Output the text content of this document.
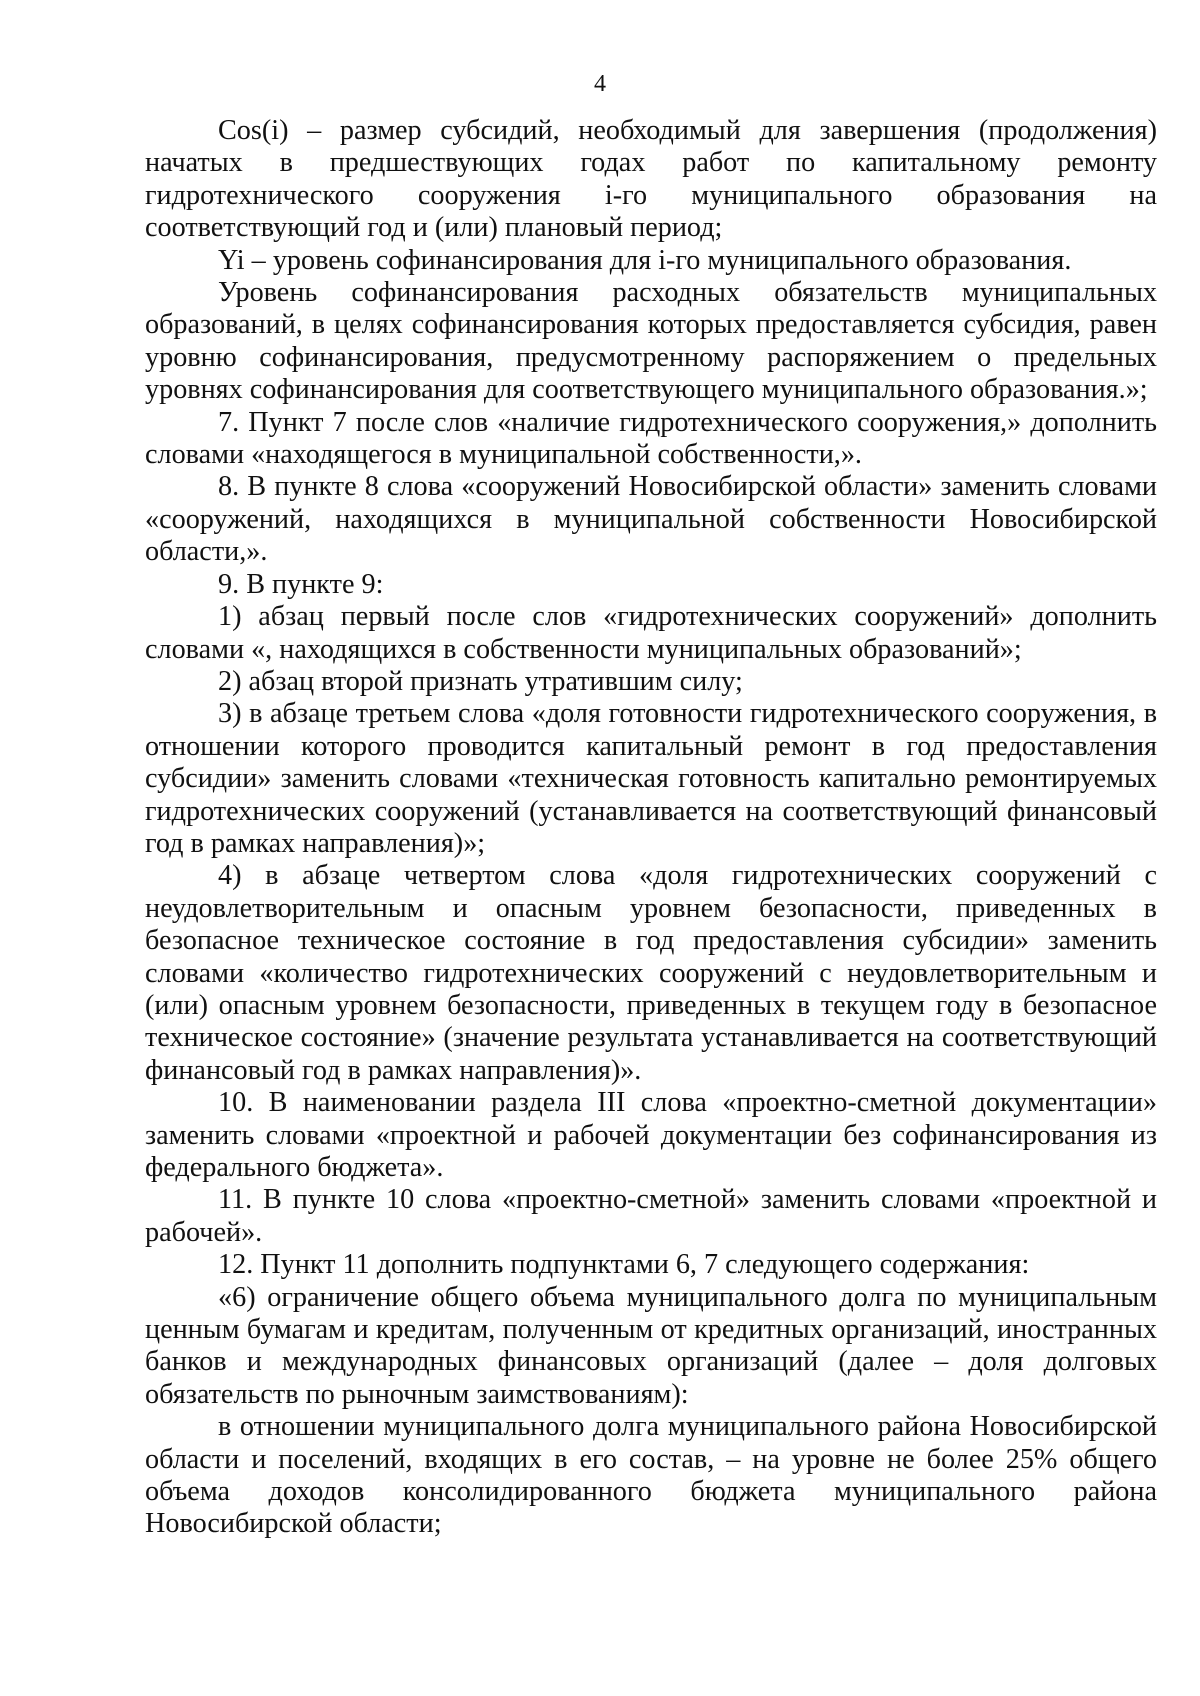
4

Cos(i) – размер субсидий, необходимый для завершения (продолжения) начатых в предшествующих годах работ по капитальному ремонту гидротехнического сооружения i-го муниципального образования на соответствующий год и (или) плановый период;

Yi – уровень софинансирования для i-го муниципального образования.

Уровень софинансирования расходных обязательств муниципальных образований, в целях софинансирования которых предоставляется субсидия, равен уровню софинансирования, предусмотренному распоряжением о предельных уровнях софинансирования для соответствующего муниципального образования.»;

7. Пункт 7 после слов «наличие гидротехнического сооружения,» дополнить словами «находящегося в муниципальной собственности,».

8. В пункте 8 слова «сооружений Новосибирской области» заменить словами «сооружений, находящихся в муниципальной собственности Новосибирской области,».

9. В пункте 9:

1) абзац первый после слов «гидротехнических сооружений» дополнить словами «, находящихся в собственности муниципальных образований»;

2) абзац второй признать утратившим силу;

3) в абзаце третьем слова «доля готовности гидротехнического сооружения, в отношении которого проводится капитальный ремонт в год предоставления субсидии» заменить словами «техническая готовность капитально ремонтируемых гидротехнических сооружений (устанавливается на соответствующий финансовый год в рамках направления)»;

4) в абзаце четвертом слова «доля гидротехнических сооружений с неудовлетворительным и опасным уровнем безопасности, приведенных в безопасное техническое состояние в год предоставления субсидии» заменить словами «количество гидротехнических сооружений с неудовлетворительным и (или) опасным уровнем безопасности, приведенных в текущем году в безопасное техническое состояние» (значение результата устанавливается на соответствующий финансовый год в рамках направления)».

10. В наименовании раздела III слова «проектно-сметной документации» заменить словами «проектной и рабочей документации без софинансирования из федерального бюджета».

11. В пункте 10 слова «проектно-сметной» заменить словами «проектной и рабочей».

12. Пункт 11 дополнить подпунктами 6, 7 следующего содержания:

«6) ограничение общего объема муниципального долга по муниципальным ценным бумагам и кредитам, полученным от кредитных организаций, иностранных банков и международных финансовых организаций (далее – доля долговых обязательств по рыночным заимствованиям):

в отношении муниципального долга муниципального района Новосибирской области и поселений, входящих в его состав, – на уровне не более 25% общего объема доходов консолидированного бюджета муниципального района Новосибирской области;
